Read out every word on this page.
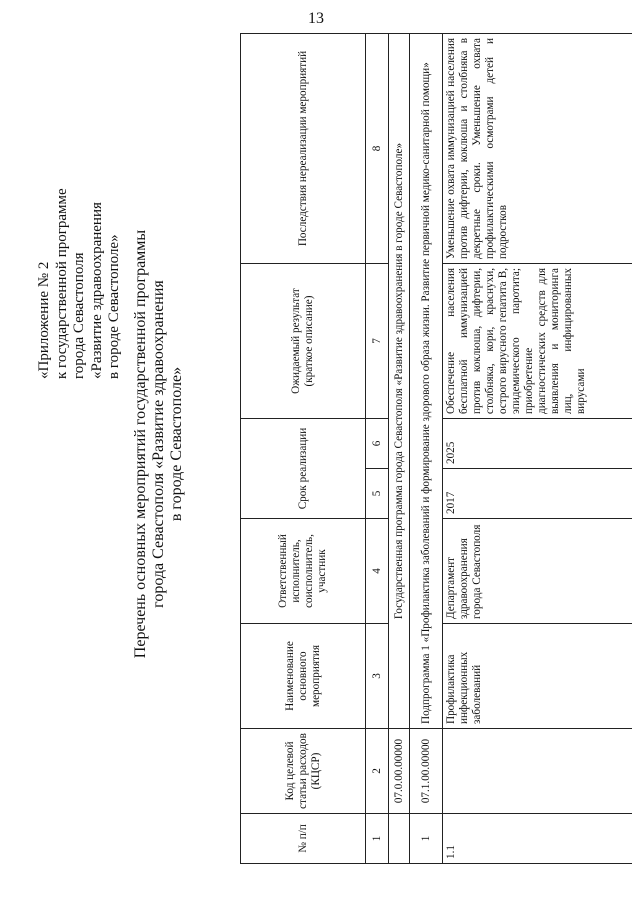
13
«Приложение № 2 к государственной программе города Севастополя «Развитие здравоохранения в городе Севастополе» Перечень основных мероприятий государственной программы города Севастополя «Развитие здравоохранения в городе Севастополе»
№ п/п	Код целевой статьи расходов (КЦСР)	Наименование основного мероприятия	Ответственный исполнитель, соисполнитель, участник	Срок реализации		Ожидаемый результат (краткое описание)	Последствия нереализации мероприятий
1	2	3	4	5	6	7	8
	07.0.00.00000	Государственная программа города Севастополя «Развитие здравоохранения в городе Севастополе»					
1	07.1.00.00000	Подпрограмма 1 «Профилактика заболеваний и формирование здорового образа жизни. Развитие первичной медико-санитарной помощи»					
1.1		Профилактика инфекционных заболеваний	Департамент здравоохранения города Севастополя	2017	2025	Обеспечение населения бесплатной иммунизацией против коклюша, дифтерии, столбняка, кори, краснухи, острого вирусного гепатита В, эпидемического паротита; приобретение диагностических средств для выявления и мониторинга лиц, инфицированных вирусами	Уменьшение охвата иммунизацией населения против дифтерии, коклюша и столбняка в декретные сроки. Уменьшение охвата профилактическими осмотрами детей и подростков
